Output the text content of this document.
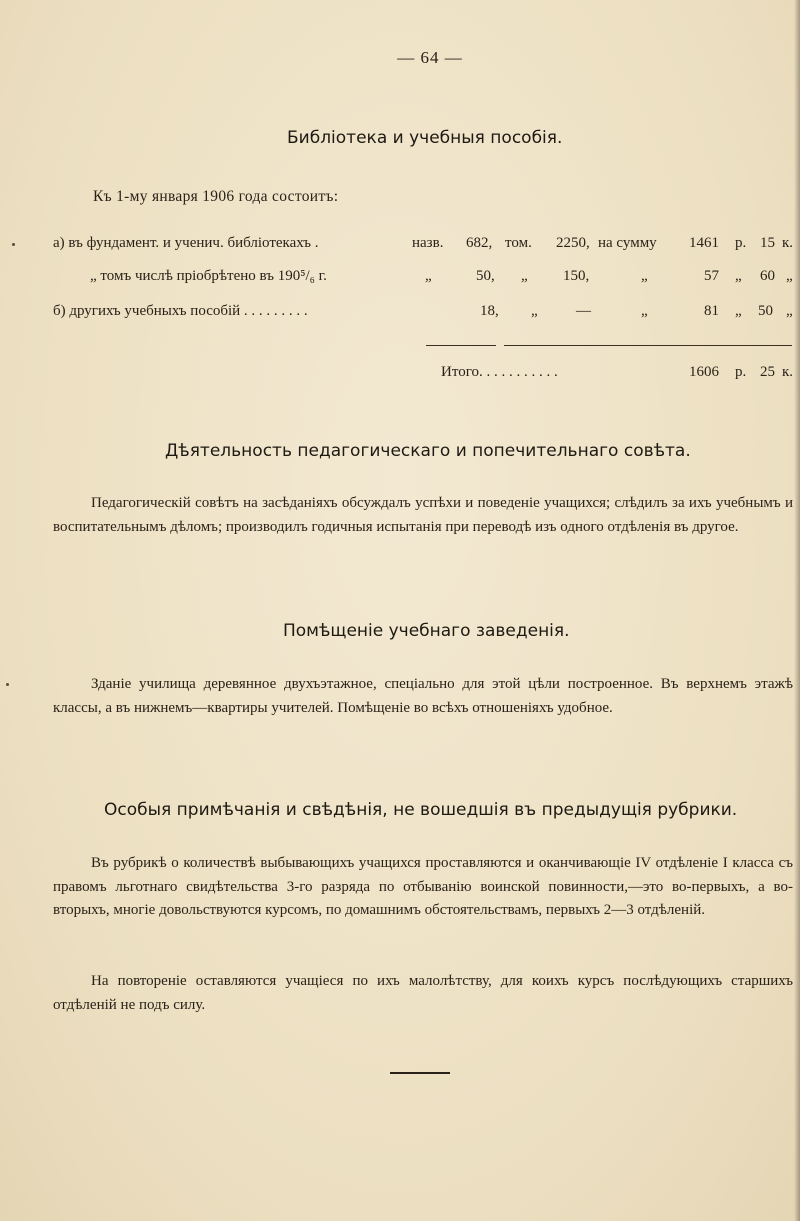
— 64 —
Библіотека и учебныя пособія.
Къ 1-му января 1906 года состоитъ:
а) въ фундамент. и ученич. библіотекахъ .	назв. 682, том. 2250, на сумму 1461 р. 15 к.
„ томъ числѣ пріобрѣтено въ 190⁵/₆ г.	„	50, „ 150,	„	57 „ 60 „
б) другихъ учебныхъ пособій . . . . . . . . .	18, „	—	„	81 „ 50 „
Итого. . . . . . . . . . .	1606 р. 25 к.
Дѣятельность педагогическаго и попечительнаго совѣта.
Педагогическій совѣтъ на засѣданіяхъ обсуждалъ успѣхи и поведеніе учащихся; слѣдилъ за ихъ учебнымъ и воспитательнымъ дѣломъ; производилъ годичныя испытанія при переводѣ изъ одного отдѣленія въ другое.
Помѣщеніе учебнаго заведенія.
Зданіе училища деревянное двухъэтажное, спеціально для этой цѣли построенное. Въ верхнемъ этажѣ классы, а въ нижнемъ—квартиры учителей. Помѣщеніе во всѣхъ отношеніяхъ удобное.
Особыя примѣчанія и свѣдѣнія, не вошедшія въ предыдущія рубрики.
Въ рубрикѣ о количествѣ выбывающихъ учащихся проставляются и оканчивающіе IV отдѣленіе I класса съ правомъ льготнаго свидѣтельства 3-го разряда по отбыванію воинской повинности,—это во-первыхъ, а во-вторыхъ, многіе довольствуются курсомъ, по домашнимъ обстоятельствамъ, первыхъ 2—3 отдѣленій.
На повтореніе оставляются учащіеся по ихъ малолѣтству, для коихъ курсъ послѣдующихъ старшихъ отдѣленій не подъ силу.
